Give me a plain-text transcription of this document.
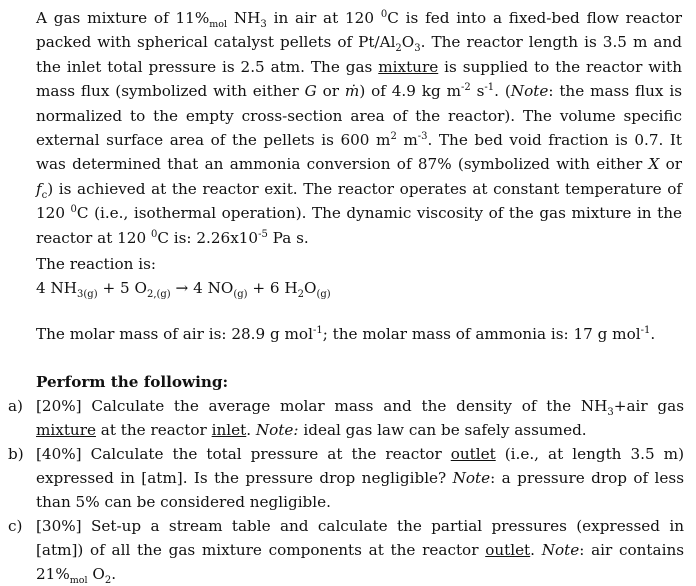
A gas mixture of $11\%_{mol}$ $NH_3$ in air at 120 $^0$C is fed into a fixed-bed flow reactor packed with spherical catalyst pellets of $Pt/Al_2O_3$. The reactor length is 3.5 m and the inlet total pressure is 2.5 atm. The gas mixture is supplied to the reactor with mass flux (symbolized with either G or ṁ) of 4.9 kg $m^{-2}$ $s^{-1}$. (Note: the mass flux is normalized to the empty cross-section area of the reactor). The volume specific external surface area of the pellets is 600 $m^2$ $m^{-3}$. The bed void fraction is 0.7. It was determined that an ammonia conversion of 87% (symbolized with either X or $f_c$) is achieved at the reactor exit. The reactor operates at constant temperature of 120 $^0$C (i.e., isothermal operation). The dynamic viscosity of the gas mixture in the reactor at 120 $^0$C is: $2.26x10^{-5}$ Pa s.

The reaction is:

4 $NH_{3(g)} + 5$ $O_{2,(g)} \to 4$ $NO_{(g)} + 6$ $H_2O_{(g)}$

The molar mass of air is: 28.9 g mol$^{-1}$; the molar mass of ammonia is: 17 g mol$^{-1}$.

Perform the following:

a) [20%] Calculate the average molar mass and the density of the $NH_3+air$ gas mixture at the reactor inlet. Note: ideal gas law can be safely assumed.
b) [40%] Calculate the total pressure at the reactor outlet (i.e., at length 3.5 m) expressed in [atm]. Is the pressure drop negligible? Note: a pressure drop of less than 5% can be considered negligible.
c) [30%] Set-up a stream table and calculate the partial pressures (expressed in [atm]) of all the gas mixture components at the reactor outlet. Note: air contains $21\%_{mol}$ $O_2$.
